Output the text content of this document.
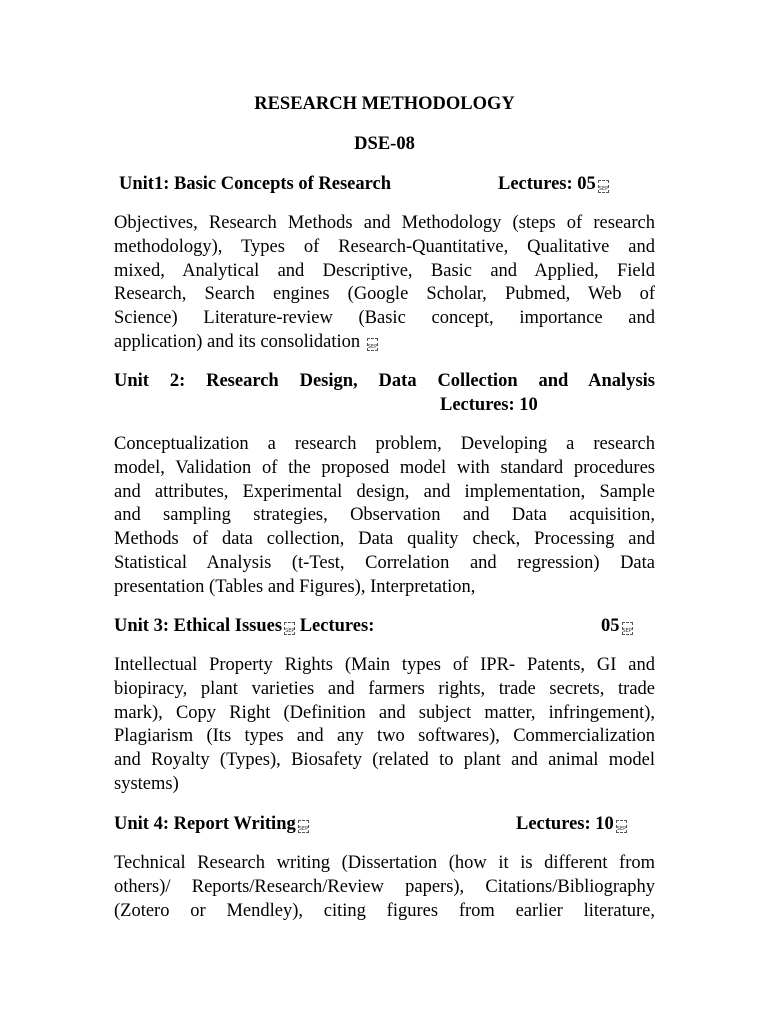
RESEARCH METHODOLOGY
DSE-08
Unit1: Basic Concepts of Research	Lectures: 05SEP
Objectives, Research Methods and Methodology (steps of research
methodology), Types of Research-Quantitative, Qualitative and
mixed, Analytical and Descriptive, Basic and Applied, Field
Research, Search engines (Google Scholar, Pubmed, Web of
Science) Literature-review (Basic concept, importance and
application) and its consolidation SEP
Unit 2: Research Design, Data Collection and Analysis
Lectures: 10
Conceptualization a research problem, Developing a research
model, Validation of the proposed model with standard procedures
and attributes, Experimental design, and implementation, Sample
and sampling strategies, Observation and Data acquisition,
Methods of data collection, Data quality check, Processing and
Statistical Analysis (t-Test, Correlation and regression) Data
presentation (Tables and Figures), Interpretation,
Unit 3: Ethical Issues SEP Lectures:	05SEP
Intellectual Property Rights (Main types of IPR- Patents, GI and
biopiracy, plant varieties and farmers rights, trade secrets, trade
mark), Copy Right (Definition and subject matter, infringement),
Plagiarism (Its types and any two softwares), Commercialization
and Royalty (Types), Biosafety (related to plant and animal model
systems)
Unit 4: Report Writing SEP	Lectures: 10SEP
Technical Research writing (Dissertation (how it is different from
others)/ Reports/Research/Review papers), Citations/Bibliography
(Zotero or Mendley), citing figures from earlier literature,
